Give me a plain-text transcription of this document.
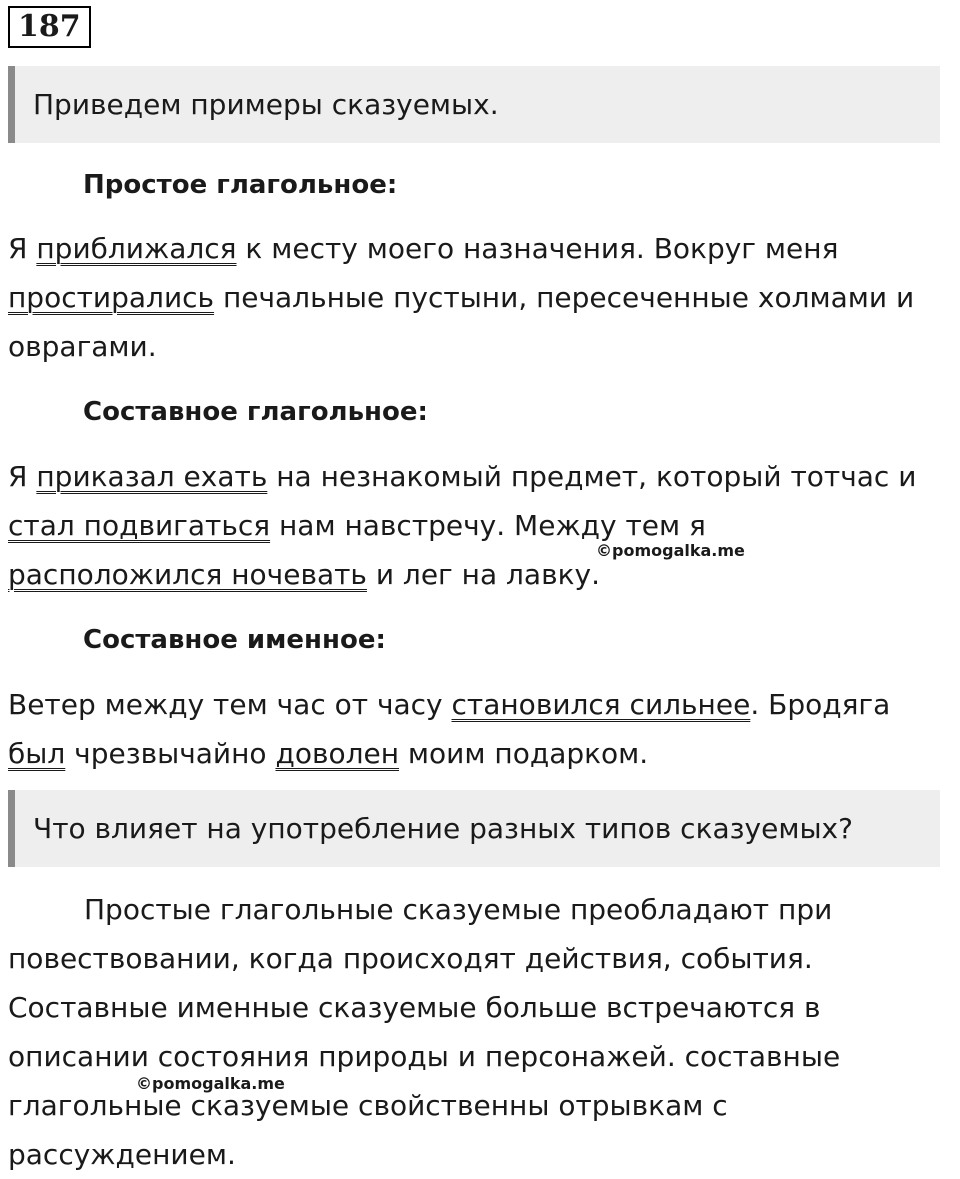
187
Приведем примеры сказуемых.
Простое глагольное:
Я приближался к месту моего назначения. Вокруг меня
простирались печальные пустыни, пересеченные холмами и
оврагами.
Составное глагольное:
Я приказал ехать на незнакомый предмет, который тотчас и
стал подвигаться нам навстречу. Между тем я
расположился ночевать и лег на лавку.
©pomogalka.me
Составное именное:
Ветер между тем час от часу становился сильнее. Бродяга
был чрезвычайно доволен моим подарком.
Что влияет на употребление разных типов сказуемых?
Простые глагольные сказуемые преобладают при
повествовании, когда происходят действия, события.
Составные именные сказуемые больше встречаются в
описании состояния природы и персонажей. составные
глагольные сказуемые свойственны отрывкам с
рассуждением.
©pomogalka.me
